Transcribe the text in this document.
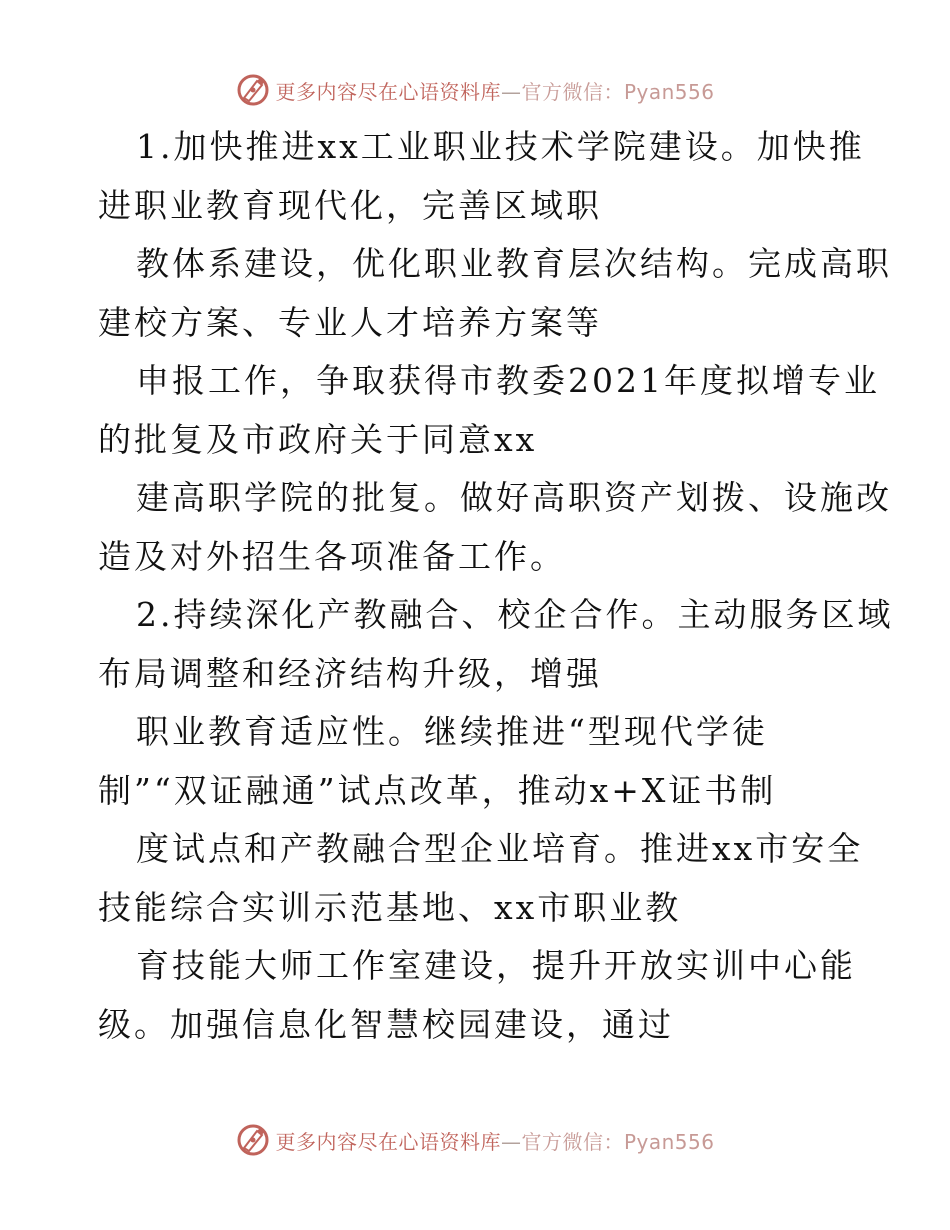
更多内容尽在心语资料库—官方微信：Pyan556
1.加快推进xx工业职业技术学院建设。加快推
进职业教育现代化，完善区域职
教体系建设，优化职业教育层次结构。完成高职
建校方案、专业人才培养方案等
申报工作，争取获得市教委2021年度拟增专业
的批复及市政府关于同意xx
建高职学院的批复。做好高职资产划拨、设施改
造及对外招生各项准备工作。
2.持续深化产教融合、校企合作。主动服务区域
布局调整和经济结构升级，增强
职业教育适应性。继续推进“型现代学徒
制”“双证融通”试点改革，推动x+X证书制
度试点和产教融合型企业培育。推进xx市安全
技能综合实训示范基地、xx市职业教
育技能大师工作室建设，提升开放实训中心能
级。加强信息化智慧校园建设，通过
更多内容尽在心语资料库—官方微信：Pyan556
